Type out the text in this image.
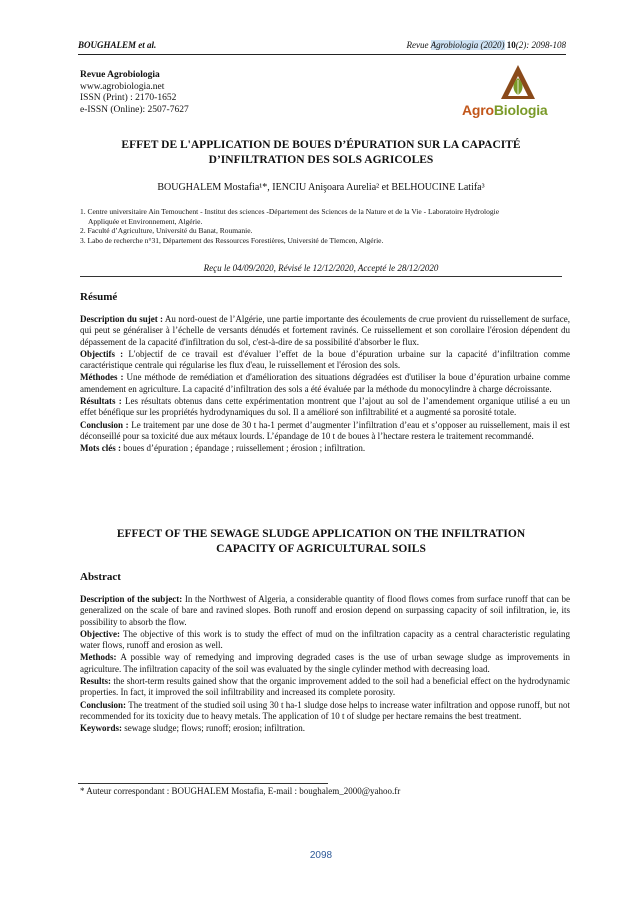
BOUGHALEM et al.	Revue Agrobiologia (2020) 10(2): 2098-108
Revue Agrobiologia
www.agrobiologia.net
ISSN (Print) : 2170-1652
e-ISSN (Online): 2507-7627	AgroBiologia
EFFET DE L'APPLICATION DE BOUES D’ÉPURATION SUR LA CAPACITÉ
D’INFILTRATION DES SOLS AGRICOLES
BOUGHALEM Mostafia¹*, IENCIU Anişoara Aurelia² et BELHOUCINE Latifa³
1. Centre universitaire Ain Temouchent - Institut des sciences -Département des Sciences de la Nature et de la Vie - Laboratoire Hydrologie
Appliquée et Environnement, Algérie.
2. Faculté d’Agriculture, Université du Banat, Roumanie.
3. Labo de recherche n°31, Département des Ressources Forestières, Université de Tlemcen, Algérie.
Reçu le 04/09/2020, Révisé le 12/12/2020, Accepté le 28/12/2020
Résumé

Description du sujet : Au nord-ouest de l’Algérie, une partie importante des écoulements de crue provient du ruissellement de surface, qui peut se généraliser à l’échelle de versants dénudés et fortement ravinés. Ce ruissellement et son corollaire l'érosion dépendent du dépassement de la capacité d'infiltration du sol, c'est-à-dire de sa possibilité d'absorber le flux.

Objectifs : L'objectif de ce travail est d'évaluer l’effet de la boue d’épuration urbaine sur la capacité d’infiltration comme caractéristique centrale qui régularise les flux d'eau, le ruissellement et l'érosion des sols.

Méthodes : Une méthode de remédiation et d'amélioration des situations dégradées est d'utiliser la boue d’épuration urbaine comme amendement en agriculture. La capacité d’infiltration des sols a été évaluée par la méthode du monocylindre à charge décroissante.

Résultats : Les résultats obtenus dans cette expérimentation montrent que l’ajout au sol de l’amendement organique utilisé a eu un effet bénéfique sur les propriétés hydrodynamiques du sol. Il a amélioré son infiltrabilité et a augmenté sa porosité totale.

Conclusion : Le traitement par une dose de 30 t ha-1 permet d’augmenter l’infiltration d’eau et s’opposer au ruissellement, mais il est déconseillé pour sa toxicité due aux métaux lourds. L’épandage de 10 t de boues à l’hectare restera le traitement recommandé.

Mots clés : boues d’épuration ; épandage ; ruissellement ; érosion ; infiltration.

EFFECT OF THE SEWAGE SLUDGE APPLICATION ON THE INFILTRATION
CAPACITY OF AGRICULTURAL SOILS
Abstract

Description of the subject: In the Northwest of Algeria, a considerable quantity of flood flows comes from surface runoff that can be generalized on the scale of bare and ravined slopes. Both runoff and erosion depend on surpassing capacity of soil infiltration, ie, its possibility to absorb the flow.

Objective: The objective of this work is to study the effect of mud on the infiltration capacity as a central characteristic regulating water flows, runoff and erosion as well.

Methods: A possible way of remedying and improving degraded cases is the use of urban sewage sludge as improvements in agriculture. The infiltration capacity of the soil was evaluated by the single cylinder method with decreasing load.

Results: the short-term results gained show that the organic improvement added to the soil had a beneficial effect on the hydrodynamic properties. In fact, it improved the soil infiltrability and increased its complete porosity.

Conclusion: The treatment of the studied soil using 30 t ha-1 sludge dose helps to increase water infiltration and oppose runoff, but not recommended for its toxicity due to heavy metals. The application of 10 t of sludge per hectare remains the best treatment.

Keywords: sewage sludge; flows; runoff; erosion; infiltration.

* Auteur correspondant : BOUGHALEM Mostafia, E-mail : boughalem_2000@yahoo.fr
2098
